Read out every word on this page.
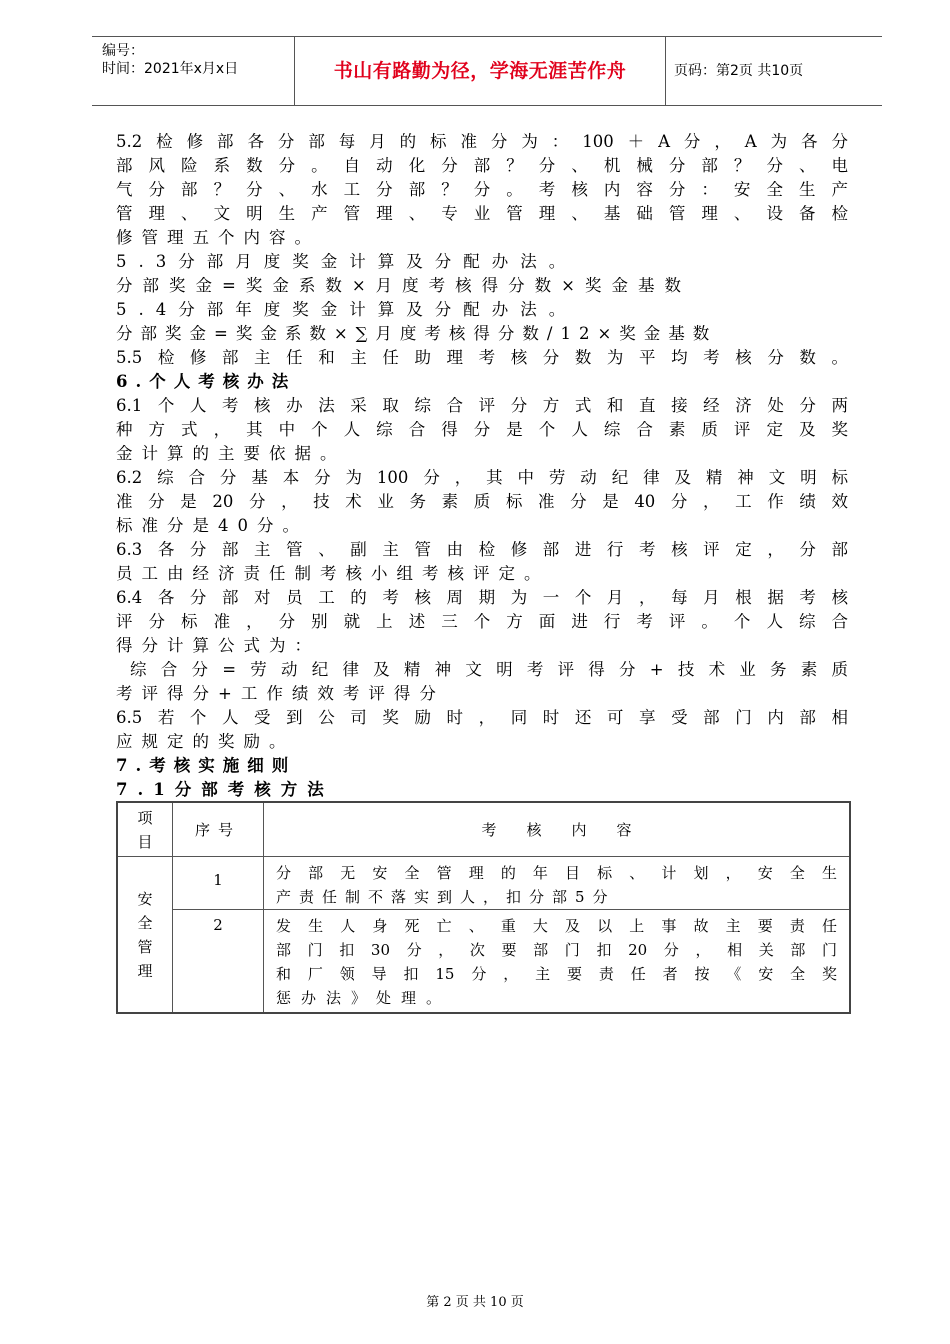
编号：
时间：2021年x月x日	书山有路勤为径，学海无涯苦作舟	页码：第2页 共10页
5.2检修部各分部每月的标准分为：100＋A分，A为各分
部风险系数分。自动化分部？分、机械分部？分、电
气分部？分、水工分部？分。考核内容分：安全生产
管理、文明生产管理、专业管理、基础管理、设备检
修管理五个内容。
5.3分部月度奖金计算及分配办法。
分部奖金=奖金系数×月度考核得分数×奖金基数
5.4分部年度奖金计算及分配办法。
分部奖金=奖金系数×∑月度考核得分数/12×奖金基数
5.5检修部主任和主任助理考核分数为平均考核分数。
6.个人考核办法
6.1个人考核办法采取综合评分方式和直接经济处分两
种方式，其中个人综合得分是个人综合素质评定及奖
金计算的主要依据。
6.2综合分基本分为100分，其中劳动纪律及精神文明标
准分是20分，技术业务素质标准分是40分，工作绩效
标准分是40分。
6.3各分部主管、副主管由检修部进行考核评定，分部
员工由经济责任制考核小组考核评定。
6.4各分部对员工的考核周期为一个月，每月根据考核
评分标准，分别就上述三个方面进行考评。个人综合
得分计算公式为：
综合分=劳动纪律及精神文明考评得分+技术业务素质
考评得分+工作绩效考评得分
6.5若个人受到公司奖励时，同时还可享受部门内部相
应规定的奖励。
7.考核实施细则
7.1分部考核方法
项目	序号	考　　核　　内　　容

安全管理	1	分部无安全管理的年目标、计划，安全生
产责任制不落实到人，扣分部5分

	2	发生人身死亡、重大及以上事故主要责任
部门扣30分，次要部门扣20分，相关部门
和厂领导扣15分，主要责任者按《安全奖
惩办法》处理。
第 2 页 共 10 页
